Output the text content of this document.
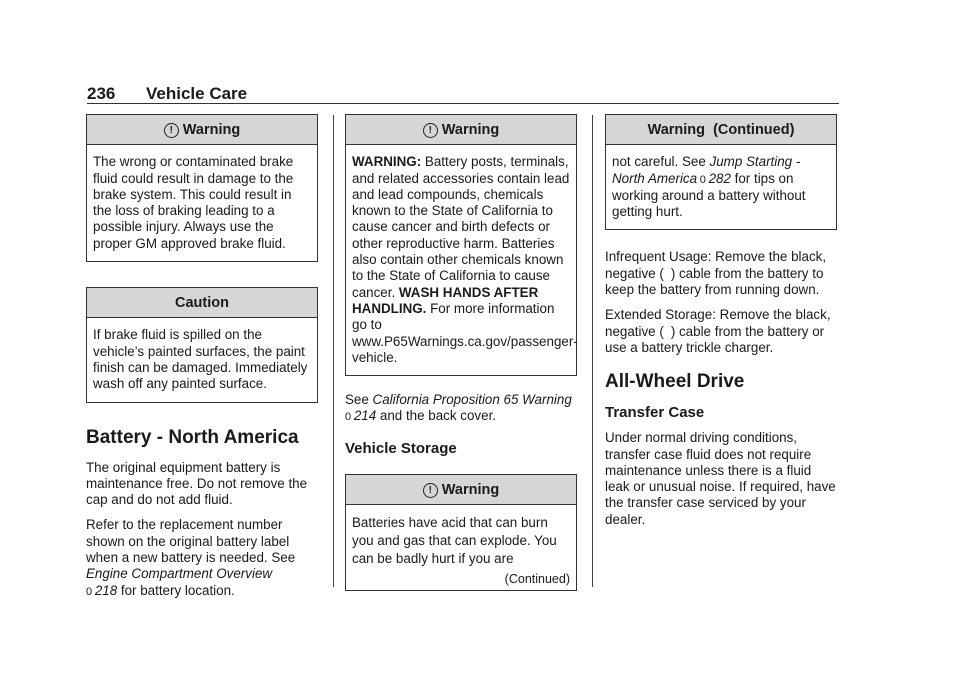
236 Vehicle Care
! Warning

The wrong or contaminated brake fluid could result in damage to the brake system. This could result in the loss of braking leading to a possible injury. Always use the proper GM approved brake fluid.

Caution

If brake fluid is spilled on the vehicle’s painted surfaces, the paint finish can be damaged. Immediately wash off any painted surface.

Battery - North America

The original equipment battery is maintenance free. Do not remove the cap and do not add fluid.

Refer to the replacement number shown on the original battery label when a new battery is needed. See Engine Compartment Overview
0  218 for battery location.

! Warning

WARNING: Battery posts, terminals, and related accessories contain lead and lead compounds, chemicals known to the State of California to cause cancer and birth defects or other reproductive harm. Batteries also contain other chemicals known to the State of California to cause cancer. WASH HANDS AFTER HANDLING. For more information go to www.P65Warnings.ca.gov/passenger-vehicle.

See California Proposition 65 Warning 0  214 and the back cover.

Vehicle Storage
! Warning

Batteries have acid that can burn you and gas that can explode. You can be badly hurt if you are

(Continued)

Warning  (Continued)

not careful. See Jump Starting - North America  0  282 for tips on working around a battery without getting hurt.

Infrequent Usage: Remove the black, negative ( ) cable from the battery to keep the battery from running down.

Extended Storage: Remove the black, negative ( ) cable from the battery or use a battery trickle charger.

All-Wheel Drive
Transfer Case

Under normal driving conditions, transfer case fluid does not require maintenance unless there is a fluid leak or unusual noise. If required, have the transfer case serviced by your dealer.
